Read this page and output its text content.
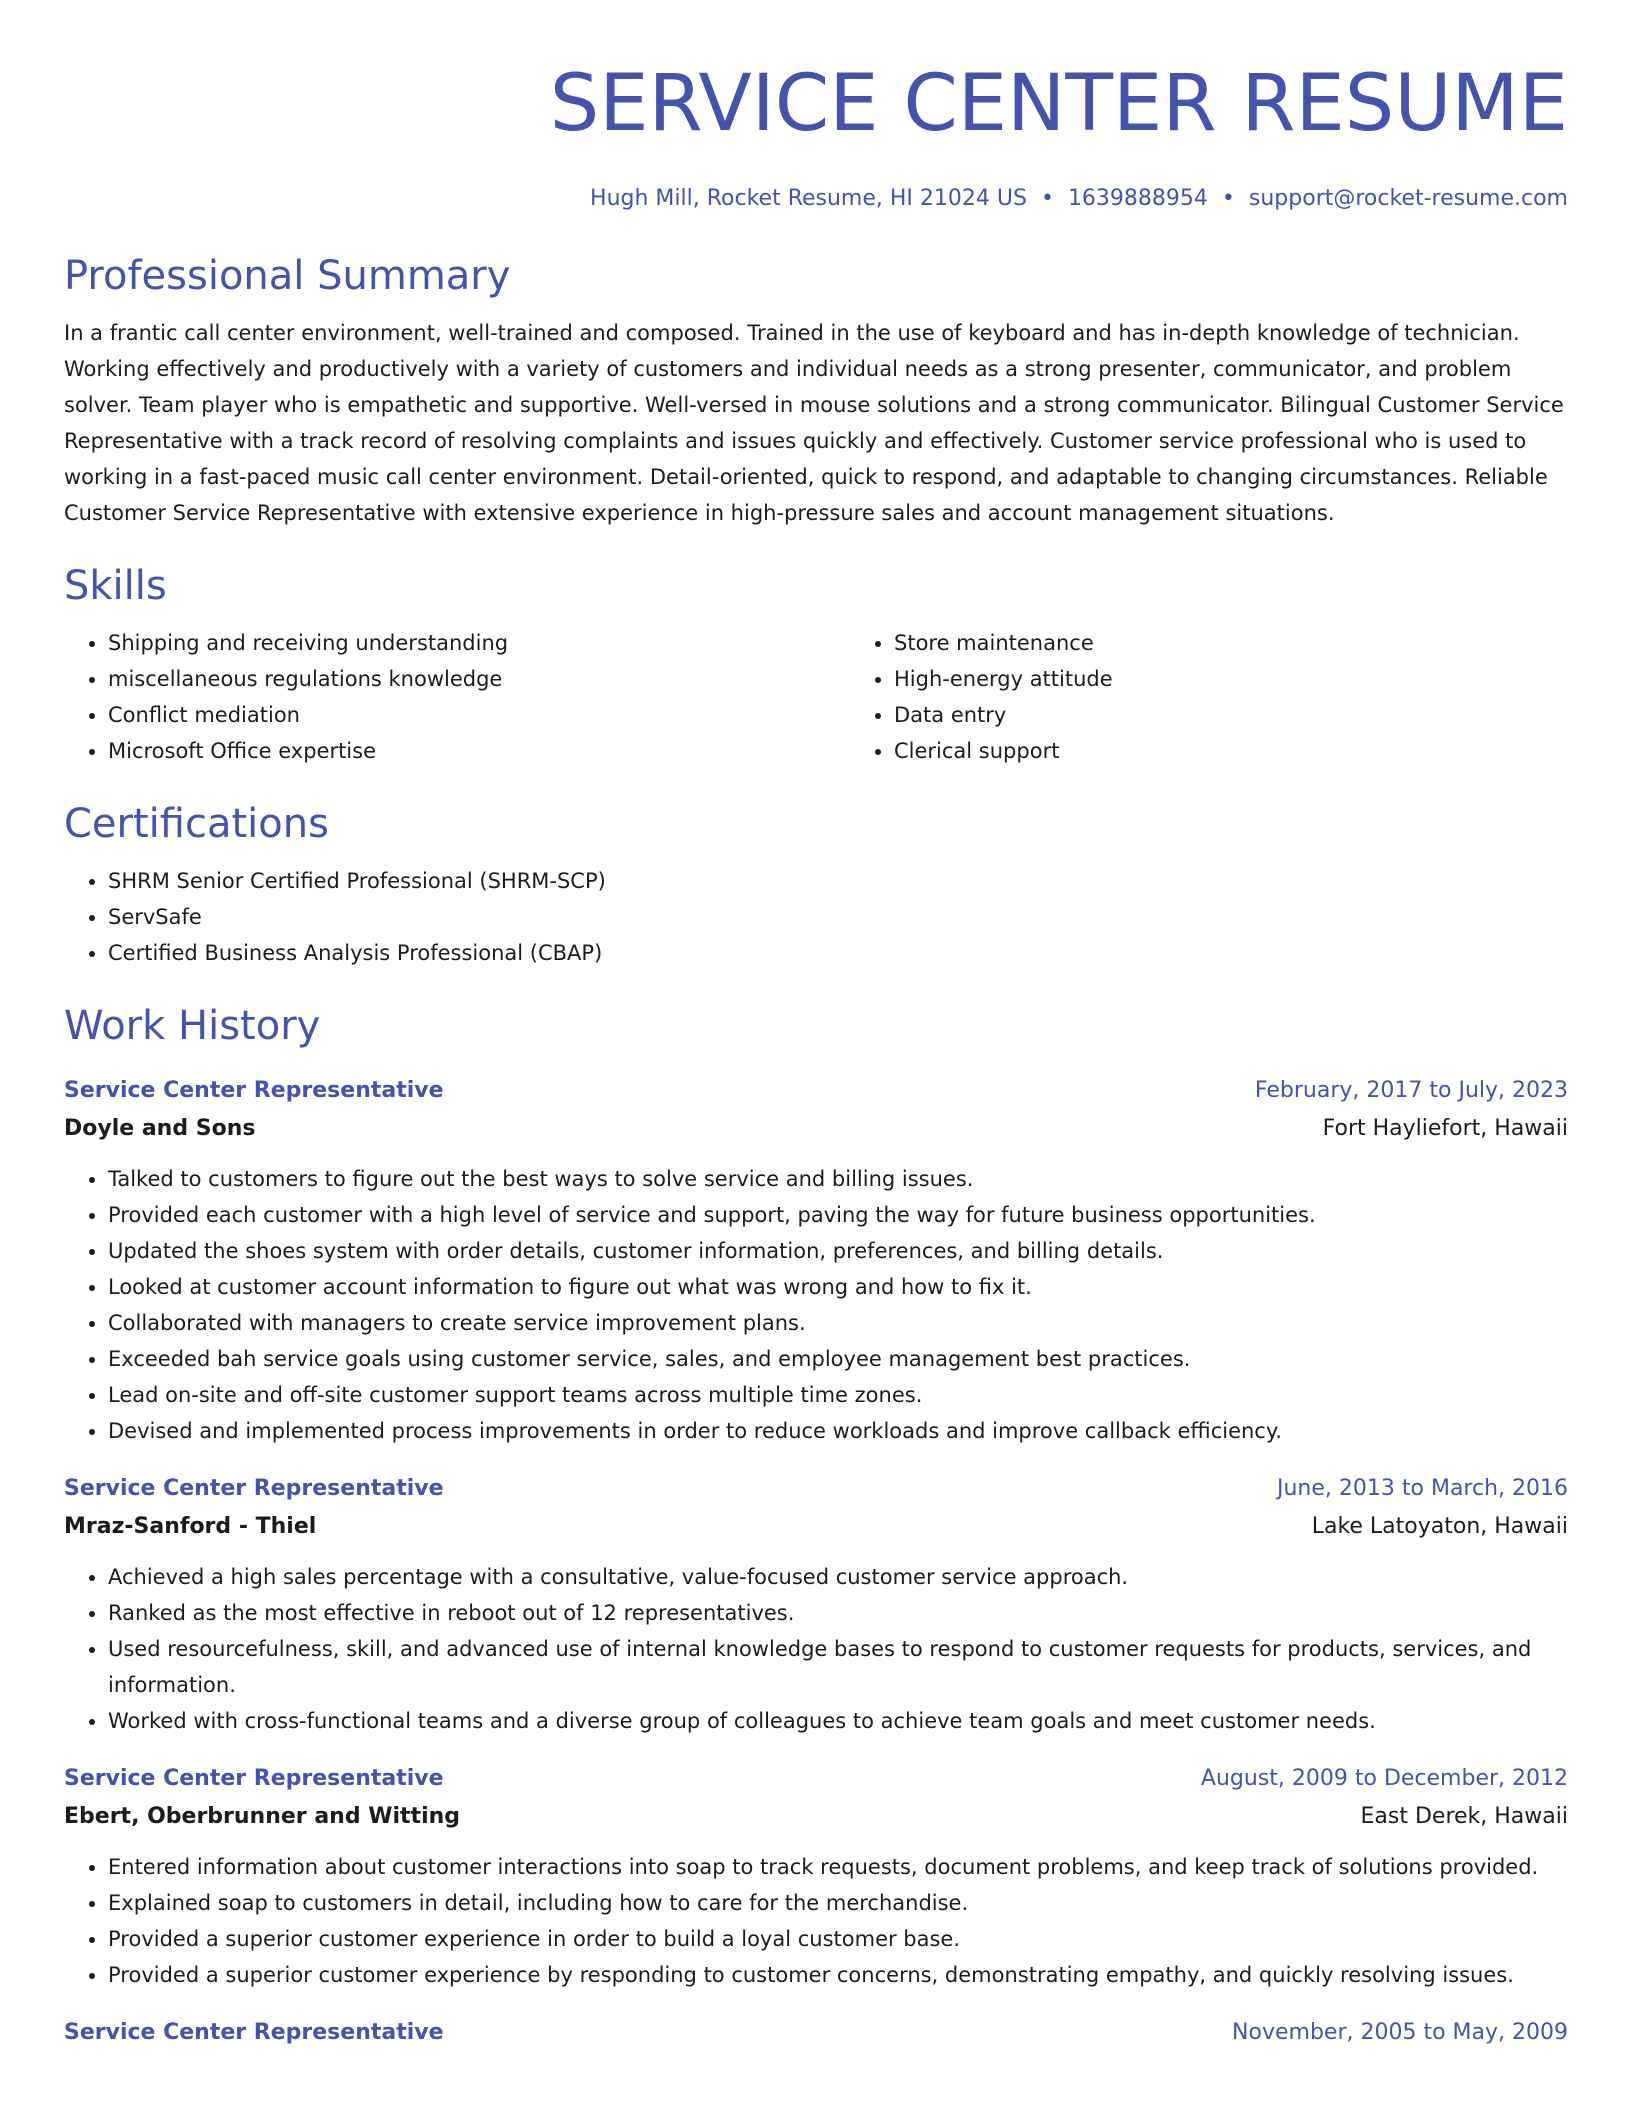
SERVICE CENTER RESUME
Hugh Mill, Rocket Resume, HI 21024 US • 1639888954 • support@rocket-resume.com
Professional Summary

In a frantic call center environment, well-trained and composed. Trained in the use of keyboard and has in-depth knowledge of technician. Working effectively and productively with a variety of customers and individual needs as a strong presenter, communicator, and problem solver. Team player who is empathetic and supportive. Well-versed in mouse solutions and a strong communicator. Bilingual Customer Service Representative with a track record of resolving complaints and issues quickly and effectively. Customer service professional who is used to working in a fast-paced music call center environment. Detail-oriented, quick to respond, and adaptable to changing circumstances. Reliable Customer Service Representative with extensive experience in high-pressure sales and account management situations.

Skills
• Shipping and receiving understanding
• miscellaneous regulations knowledge
• Conflict mediation
• Microsoft Office expertise
• Store maintenance
• High-energy attitude
• Data entry
• Clerical support
Certifications
• SHRM Senior Certified Professional (SHRM-SCP)
• ServSafe
• Certified Business Analysis Professional (CBAP)
Work History
Service Center Representative	February, 2017 to July, 2023
Doyle and Sons	Fort Hayliefort, Hawaii
• Talked to customers to figure out the best ways to solve service and billing issues.
• Provided each customer with a high level of service and support, paving the way for future business opportunities.
• Updated the shoes system with order details, customer information, preferences, and billing details.
• Looked at customer account information to figure out what was wrong and how to fix it.
• Collaborated with managers to create service improvement plans.
• Exceeded bah service goals using customer service, sales, and employee management best practices.
• Lead on-site and off-site customer support teams across multiple time zones.
• Devised and implemented process improvements in order to reduce workloads and improve callback efficiency.
Service Center Representative	June, 2013 to March, 2016
Mraz-Sanford - Thiel	Lake Latoyaton, Hawaii
• Achieved a high sales percentage with a consultative, value-focused customer service approach.
• Ranked as the most effective in reboot out of 12 representatives.
• Used resourcefulness, skill, and advanced use of internal knowledge bases to respond to customer requests for products, services, and information.
• Worked with cross-functional teams and a diverse group of colleagues to achieve team goals and meet customer needs.
Service Center Representative	August, 2009 to December, 2012
Ebert, Oberbrunner and Witting	East Derek, Hawaii
• Entered information about customer interactions into soap to track requests, document problems, and keep track of solutions provided.
• Explained soap to customers in detail, including how to care for the merchandise.
• Provided a superior customer experience in order to build a loyal customer base.
• Provided a superior customer experience by responding to customer concerns, demonstrating empathy, and quickly resolving issues.
Service Center Representative	November, 2005 to May, 2009
